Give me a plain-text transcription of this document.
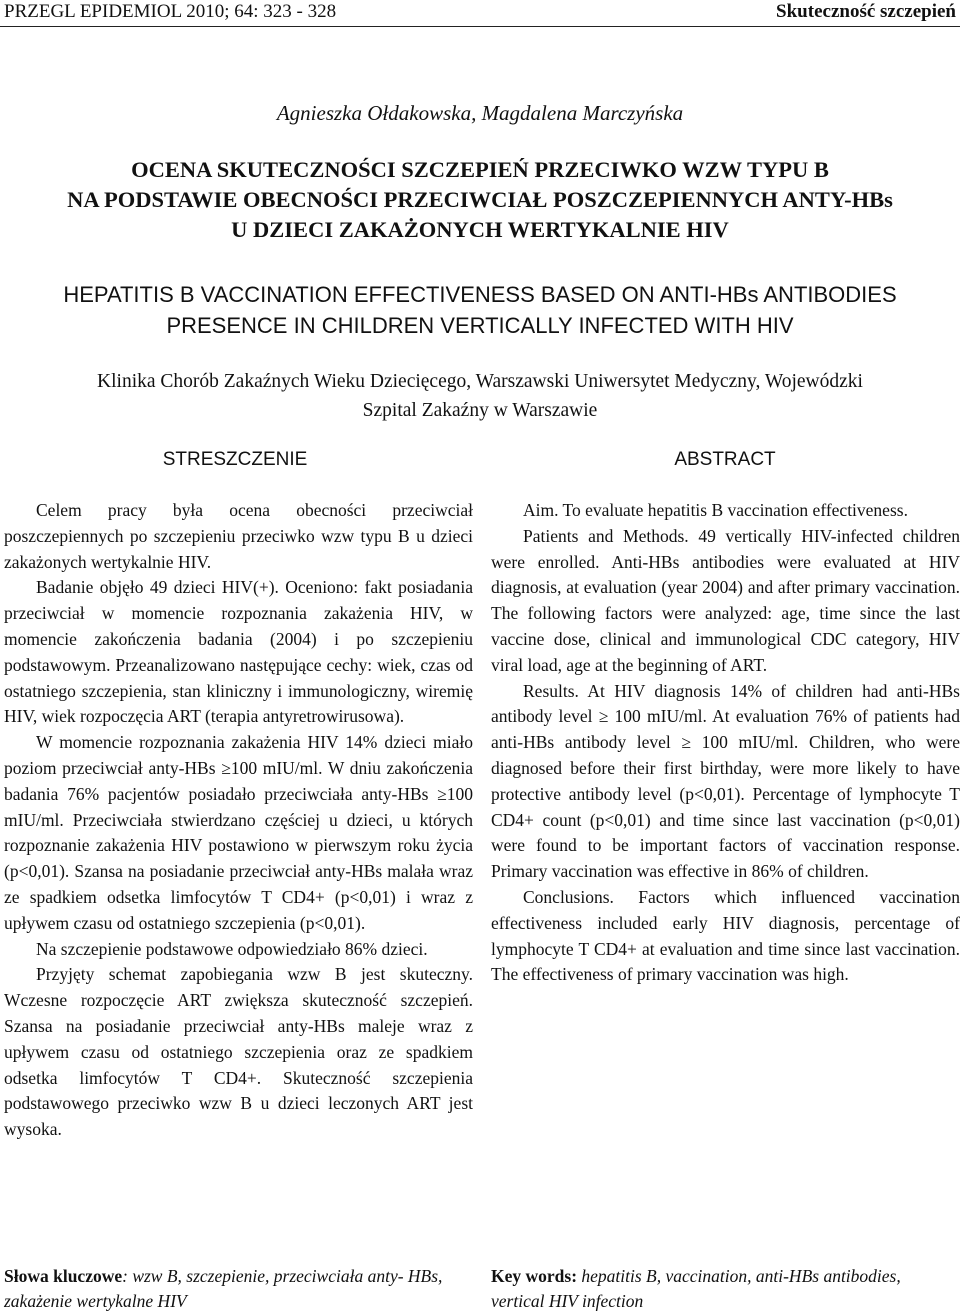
PRZEGL EPIDEMIOL 2010; 64: 323 - 328	Skuteczność szczepień
Agnieszka Ołdakowska, Magdalena Marczyńska
OCENA SKUTECZNOŚCI SZCZEPIEŃ PRZECIWKO WZW TYPU B
NA PODSTAWIE OBECNOŚCI PRZECIWCIAŁ POSZCZEPIENNYCH ANTY-HBs
U DZIECI ZAKAŻONYCH WERTYKALNIE HIV
HEPATITIS B VACCINATION EFFECTIVENESS BASED ON ANTI-HBs ANTIBODIES
PRESENCE IN CHILDREN VERTICALLY INFECTED WITH HIV
Klinika Chorób Zakaźnych Wieku Dziecięcego, Warszawski Uniwersytet Medyczny, Wojewódzki
Szpital Zakaźny w Warszawie
STRESZCZENIE	ABSTRACT

Celem pracy była ocena obecności przeciwciał poszczepiennych po szczepieniu przeciwko wzw typu B u dzieci zakażonych wertykalnie HIV.

Badanie objęło 49 dzieci HIV(+). Oceniono: fakt posiadania przeciwciał w momencie rozpoznania zakażenia HIV, w momencie zakończenia badania (2004) i po szczepieniu podstawowym. Przeanalizowano następujące cechy: wiek, czas od ostatniego szczepienia, stan kliniczny i immunologiczny, wiremię HIV, wiek rozpoczęcia ART (terapia antyretrowirusowa).

W momencie rozpoznania zakażenia HIV 14% dzieci miało poziom przeciwciał anty-HBs ≥100 mIU/ml. W dniu zakończenia badania 76% pacjentów posiadało przeciwciała anty-HBs ≥100 mIU/ml. Przeciwciała stwierdzano częściej u dzieci, u których rozpoznanie zakażenia HIV postawiono w pierwszym roku życia (p<0,01). Szansa na posiadanie przeciwciał anty-HBs malała wraz ze spadkiem odsetka limfocytów T CD4+ (p<0,01) i wraz z upływem czasu od ostatniego szczepienia (p<0,01).

Na szczepienie podstawowe odpowiedziało 86% dzieci.

Przyjęty schemat zapobiegania wzw B jest skuteczny. Wczesne rozpoczęcie ART zwiększa skuteczność szczepień. Szansa na posiadanie przeciwciał anty-HBs maleje wraz z upływem czasu od ostatniego szczepienia oraz ze spadkiem odsetka limfocytów T CD4+. Skuteczność szczepienia podstawowego przeciwko wzw B u dzieci leczonych ART jest wysoka.

Aim. To evaluate hepatitis B vaccination effectiveness.

Patients and Methods. 49 vertically HIV-infected children were enrolled. Anti-HBs antibodies were evaluated at HIV diagnosis, at evaluation (year 2004) and after primary vaccination. The following factors were analyzed: age, time since the last vaccine dose, clinical and immunological CDC category, HIV viral load, age at the beginning of ART.

Results. At HIV diagnosis 14% of children had anti-HBs antibody level ≥ 100 mIU/ml. At evaluation 76% of patients had anti-HBs antibody level ≥ 100 mIU/ml. Children, who were diagnosed before their first birthday, were more likely to have protective antibody level (p<0,01). Percentage of lymphocyte T CD4+ count (p<0,01) and time since last vaccination (p<0,01) were found to be important factors of vaccination response. Primary vaccination was effective in 86% of children.

Conclusions. Factors which influenced vaccination effectiveness included early HIV diagnosis, percentage of lymphocyte T CD4+ at evaluation and time since last vaccination. The effectiveness of primary vaccination was high.

Słowa kluczowe: wzw B, szczepienie, przeciwciała anty- HBs, zakażenie wertykalne HIV
Key words: hepatitis B, vaccination, anti-HBs antibodies, vertical HIV infection
